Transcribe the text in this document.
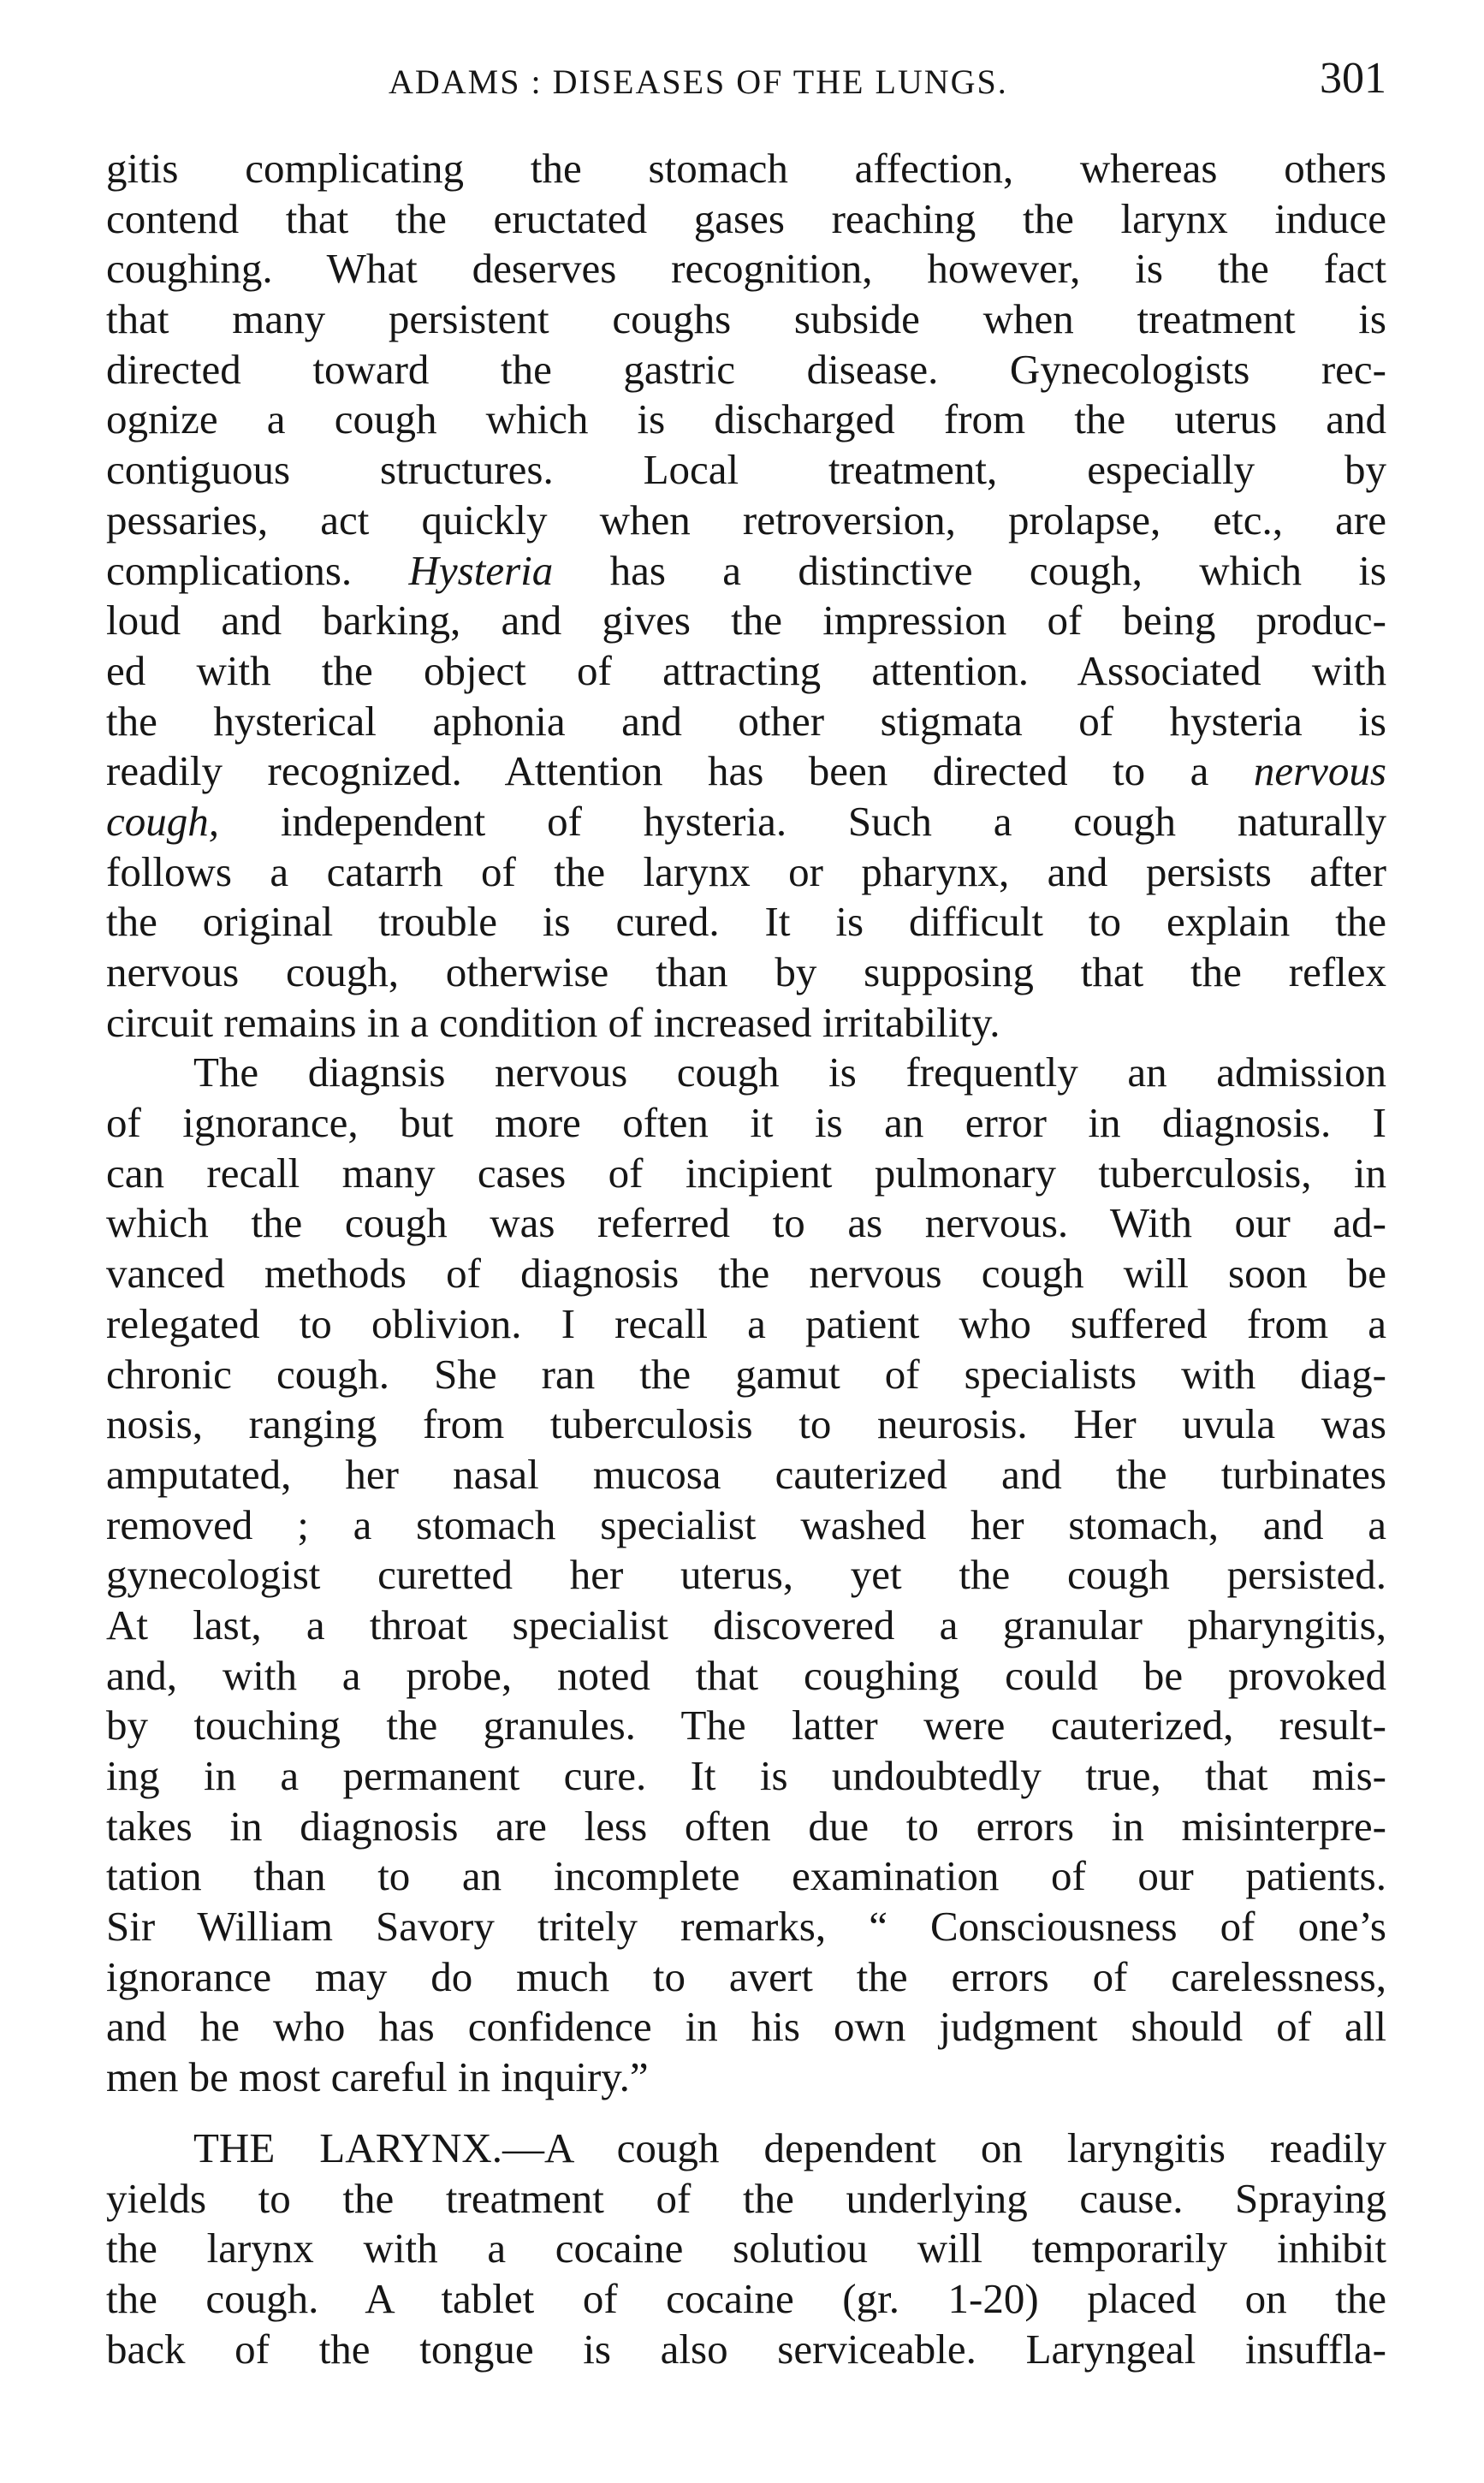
ADAMS : DISEASES OF THE LUNGS.	301
gitis complicating the stomach affection, whereas others
contend that the eructated gases reaching the larynx induce
coughing. What deserves recognition, however, is the fact
that many persistent coughs subside when treatment is
directed toward the gastric disease. Gynecologists rec-
ognize a cough which is discharged from the uterus and
contiguous structures. Local treatment, especially by
pessaries, act quickly when retroversion, prolapse, etc., are
complications. Hysteria has a distinctive cough, which is
loud and barking, and gives the impression of being produc-
ed with the object of attracting attention. Associated with
the hysterical aphonia and other stigmata of hysteria is
readily recognized. Attention has been directed to a nervous
cough, independent of hysteria. Such a cough naturally
follows a catarrh of the larynx or pharynx, and persists after
the original trouble is cured. It is difficult to explain the
nervous cough, otherwise than by supposing that the reflex
circuit remains in a condition of increased irritability.
The diagnsis nervous cough is frequently an admission
of ignorance, but more often it is an error in diagnosis. I
can recall many cases of incipient pulmonary tuberculosis, in
which the cough was referred to as nervous. With our ad-
vanced methods of diagnosis the nervous cough will soon be
relegated to oblivion. I recall a patient who suffered from a
chronic cough. She ran the gamut of specialists with diag-
nosis, ranging from tuberculosis to neurosis. Her uvula was
amputated, her nasal mucosa cauterized and the turbinates
removed ; a stomach specialist washed her stomach, and a
gynecologist curetted her uterus, yet the cough persisted.
At last, a throat specialist discovered a granular pharyngitis,
and, with a probe, noted that coughing could be provoked
by touching the granules. The latter were cauterized, result-
ing in a permanent cure. It is undoubtedly true, that mis-
takes in diagnosis are less often due to errors in misinterpre-
tation than to an incomplete examination of our patients.
Sir William Savory tritely remarks, “ Consciousness of one’s
ignorance may do much to avert the errors of carelessness,
and he who has confidence in his own judgment should of all
men be most careful in inquiry.”
THE LARYNX.—A cough dependent on laryngitis readily
yields to the treatment of the underlying cause. Spraying
the larynx with a cocaine solutiou will temporarily inhibit
the cough. A tablet of cocaine (gr. 1-20) placed on the
back of the tongue is also serviceable. Laryngeal insuffla-
